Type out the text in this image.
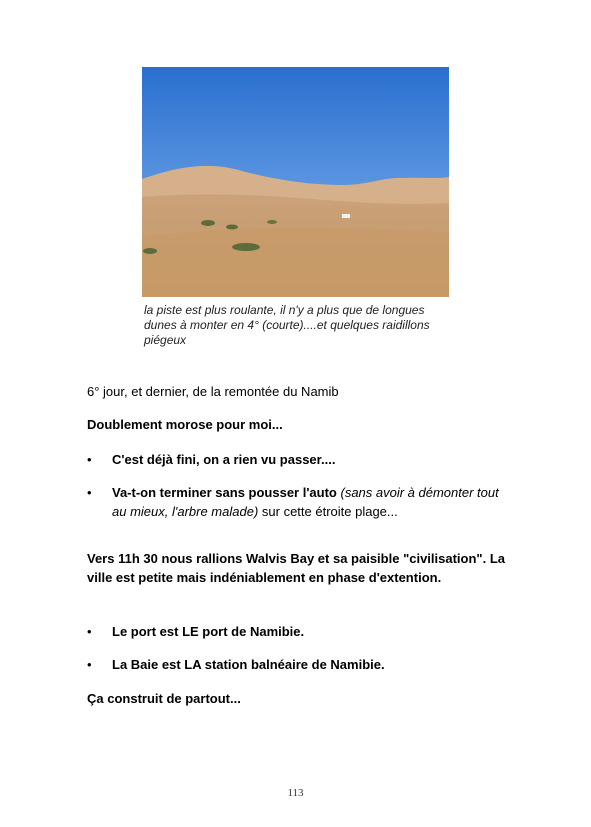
la piste est plus roulante, il n'y a plus que de longues dunes à monter en 4° (courte)....et quelques raidillons piégeux
6° jour, et dernier, de la remontée du Namib
Doublement morose pour moi...
• C'est déjà fini, on a rien vu passer....
• Va-t-on terminer sans pousser l'auto (sans avoir à démonter tout au mieux, l'arbre malade) sur cette étroite plage...
Vers 11h 30 nous rallions Walvis Bay et sa paisible "civilisation". La ville est petite mais indéniablement en phase d'extention.
• Le port est LE port de Namibie.
• La Baie est LA station balnéaire de Namibie.
Ça construit de partout...
113
